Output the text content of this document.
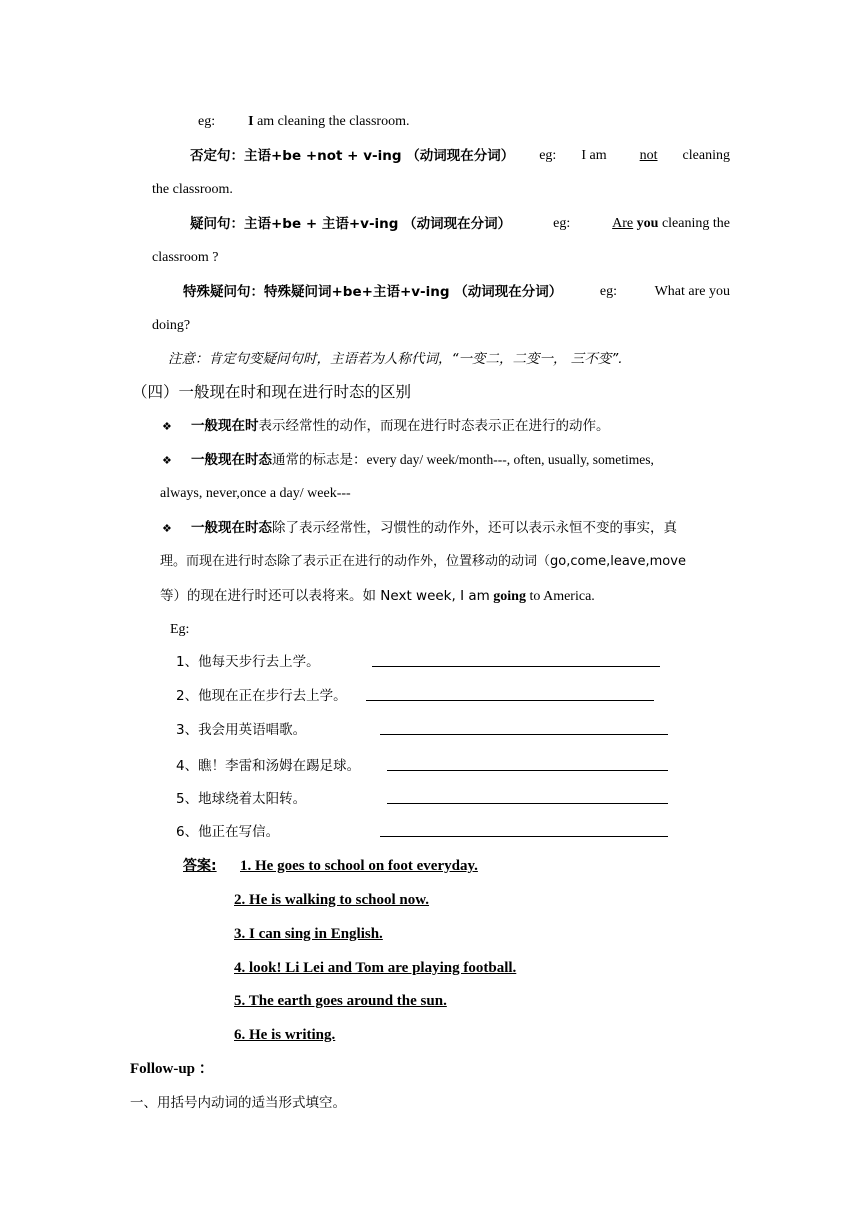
eg: I am cleaning the classroom.
否定句：主语+be +not + v-ing （动词现在分词） eg: I am	not cleaning
the classroom.
疑问句：主语+be + 主语+v-ing （动词现在分词）	eg:	Are you cleaning the
classroom ?
特殊疑问句：特殊疑问词+be+主语+v-ing （动词现在分词）	eg:	What are you
doing?
注意：肯定句变疑问句时，主语若为人称代词，“一变二，二变一， 三不变”.
（四）一般现在时和现在进行时态的区别
❖ 一般现在时表示经常性的动作，而现在进行时态表示正在进行的动作。
❖ 一般现在时态通常的标志是：every day/ week/month---, often, usually, sometimes,
always, never,once a day/ week---
❖ 一般现在时态除了表示经常性，习惯性的动作外，还可以表示永恒不变的事实，真
理。而现在进行时态除了表示正在进行的动作外，位置移动的动词（go,come,leave,move
等）的现在进行时还可以表将来。如 Next week, I am going to America.
Eg:
1、他每天步行去上学。
2、他现在正在步行去上学。
3、我会用英语唱歌。
4、瞧！李雷和汤姆在踢足球。
5、地球绕着太阳转。
6、他正在写信。
答案: 1. He goes to school on foot everyday.
2. He is walking to school now.
3. I can sing in English.
4. look! Li Lei and Tom are playing football.
5. The earth goes around the sun.
6. He is writing.
Follow-up ：
一、用括号内动词的适当形式填空。
